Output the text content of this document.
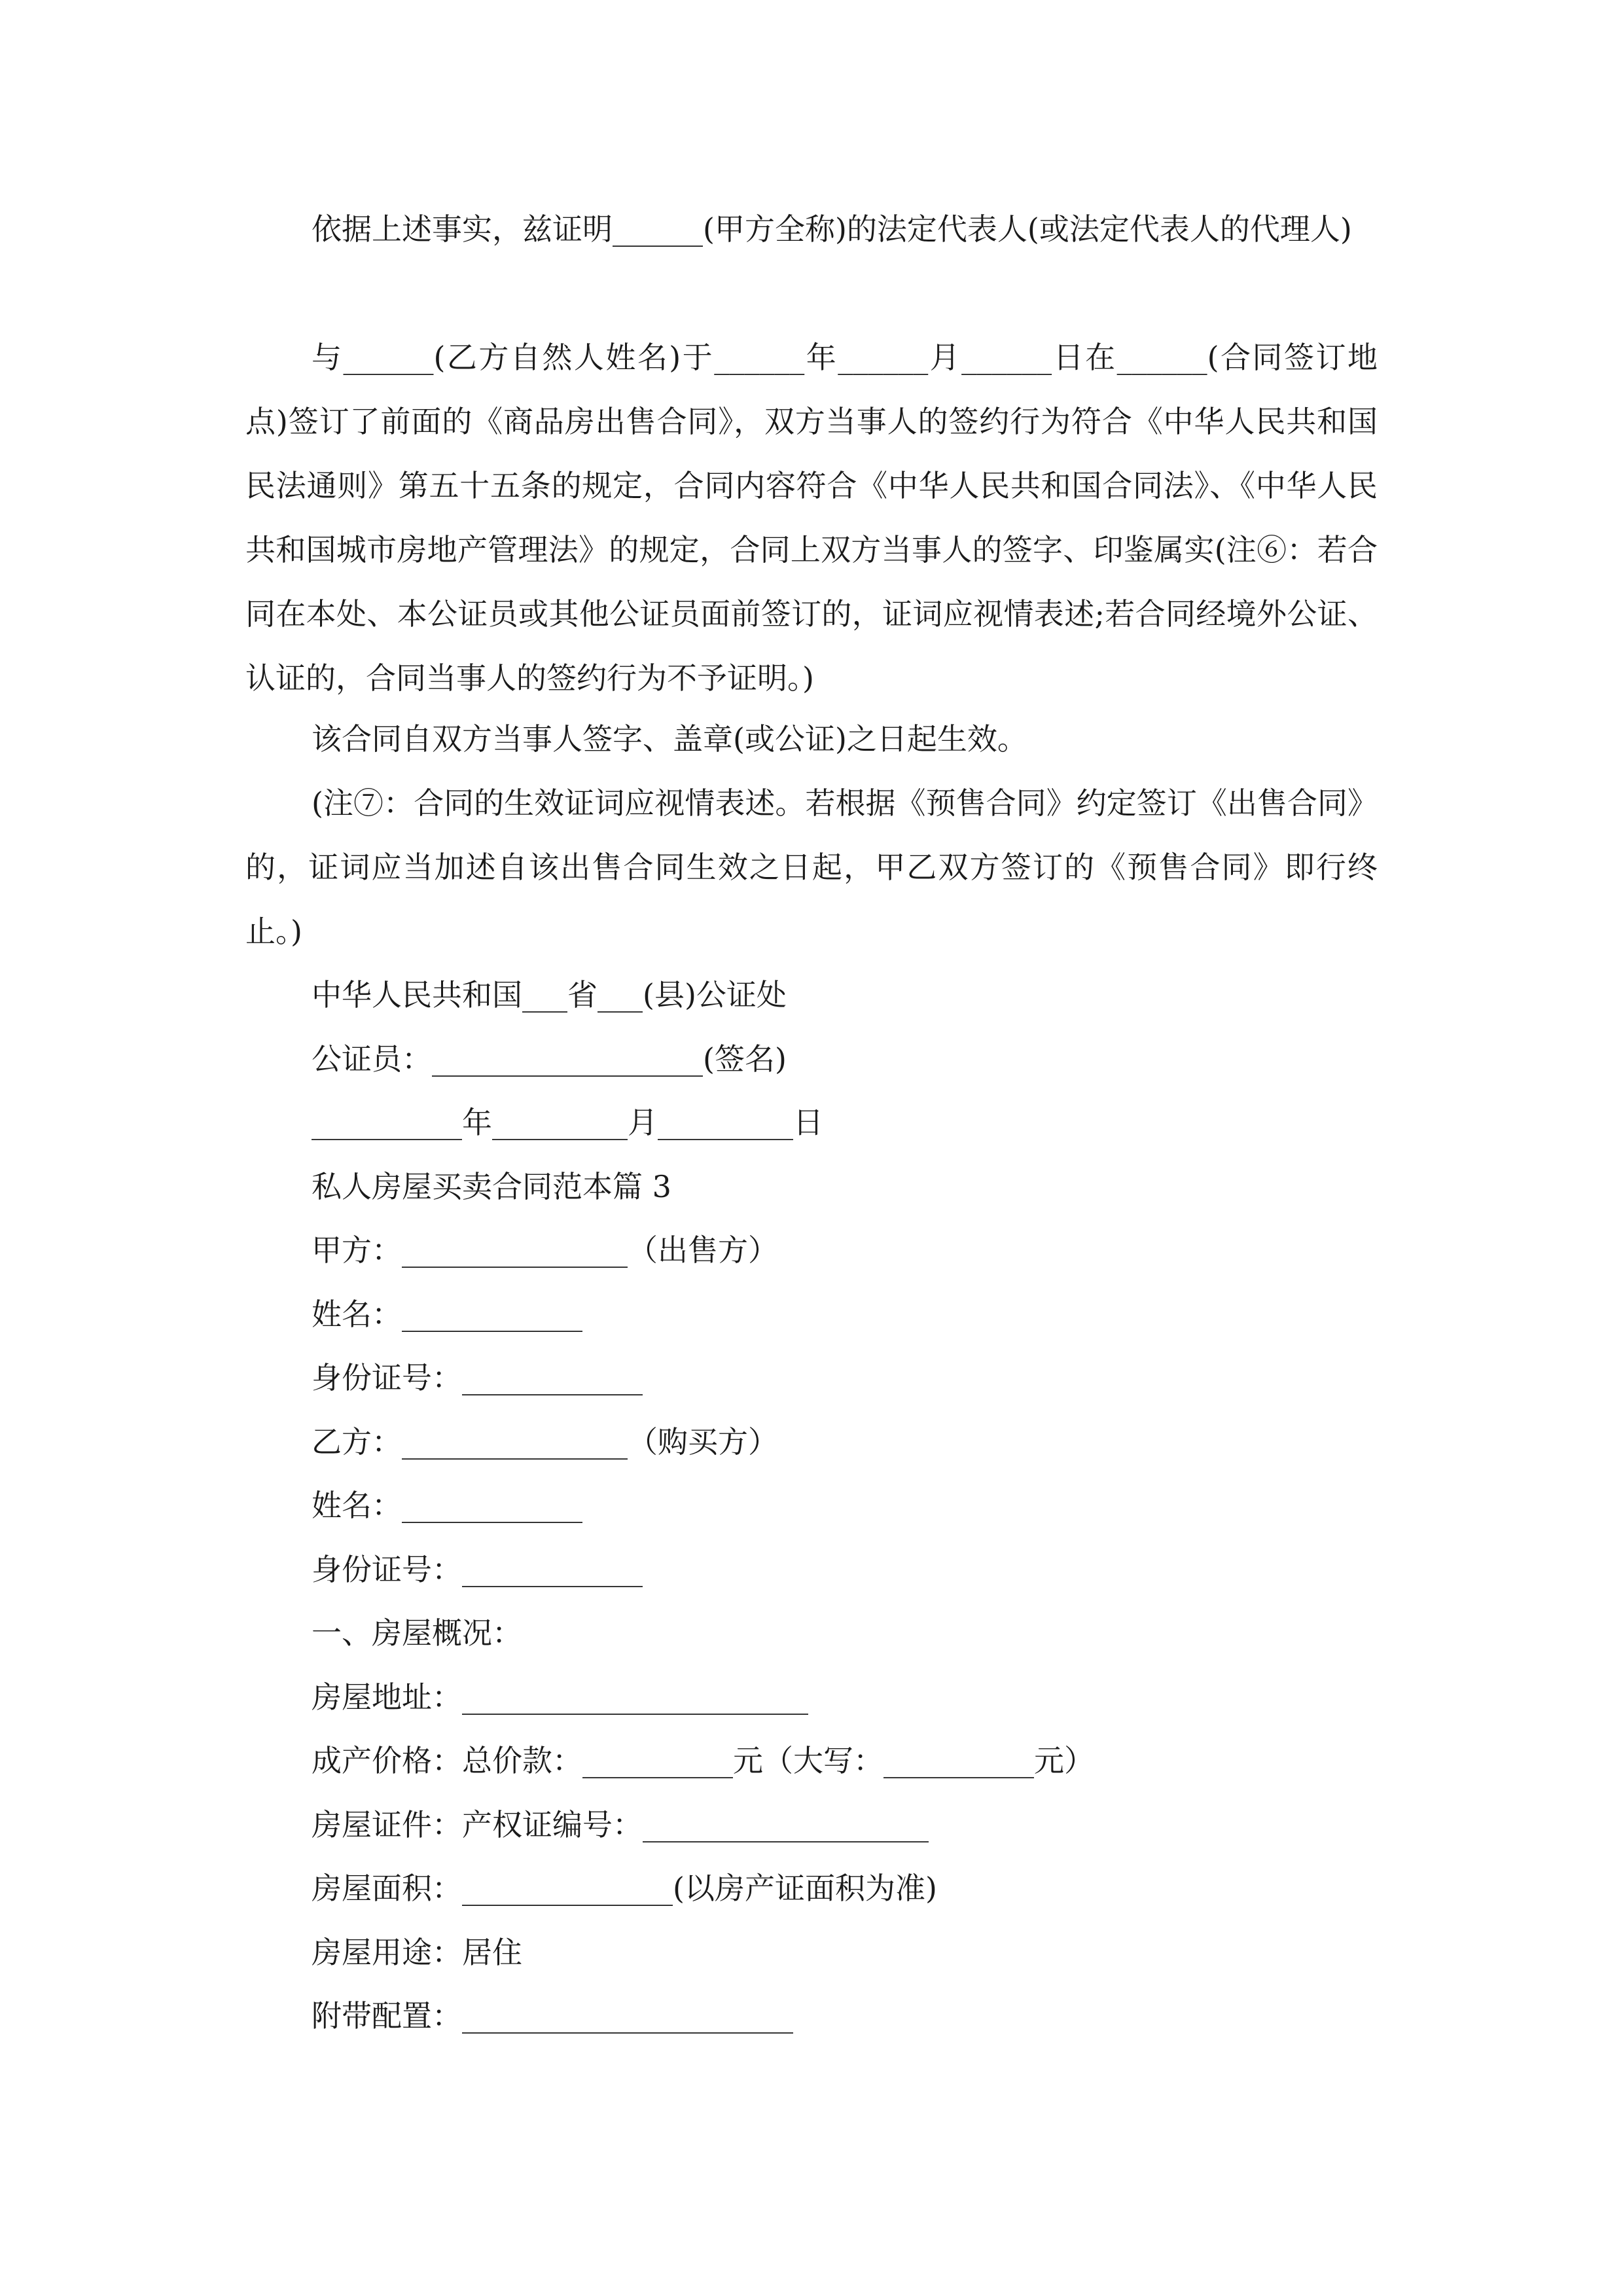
依据上述事实，兹证明______(甲方全称)的法定代表人(或法定代表人的代理人)

与______(乙方自然人姓名)于______年______月______日在______(合同签订地点)签订了前面的《商品房出售合同》，双方当事人的签约行为符合《中华人民共和国民法通则》第五十五条的规定，合同内容符合《中华人民共和国合同法》、《中华人民共和国城市房地产管理法》的规定，合同上双方当事人的签字、印鉴属实(注⑥：若合同在本处、本公证员或其他公证员面前签订的，证词应视情表述;若合同经境外公证、认证的，合同当事人的签约行为不予证明。)

该合同自双方当事人签字、盖章(或公证)之日起生效。

(注⑦：合同的生效证词应视情表述。若根据《预售合同》约定签订《出售合同》的，证词应当加述自该出售合同生效之日起，甲乙双方签订的《预售合同》即行终止。)

中华人民共和国___省___(县)公证处
公证员：__________________(签名)
__________年_________月_________日
私人房屋买卖合同范本篇 3
甲方：_______________（出售方）
姓名：____________
身份证号：____________
乙方：_______________（购买方）
姓名：____________
身份证号：____________
一、房屋概况：
房屋地址：_______________________
成产价格：总价款：__________元（大写：__________元）
房屋证件：产权证编号：___________________
房屋面积：______________(以房产证面积为准)
房屋用途：居住
附带配置：______________________
